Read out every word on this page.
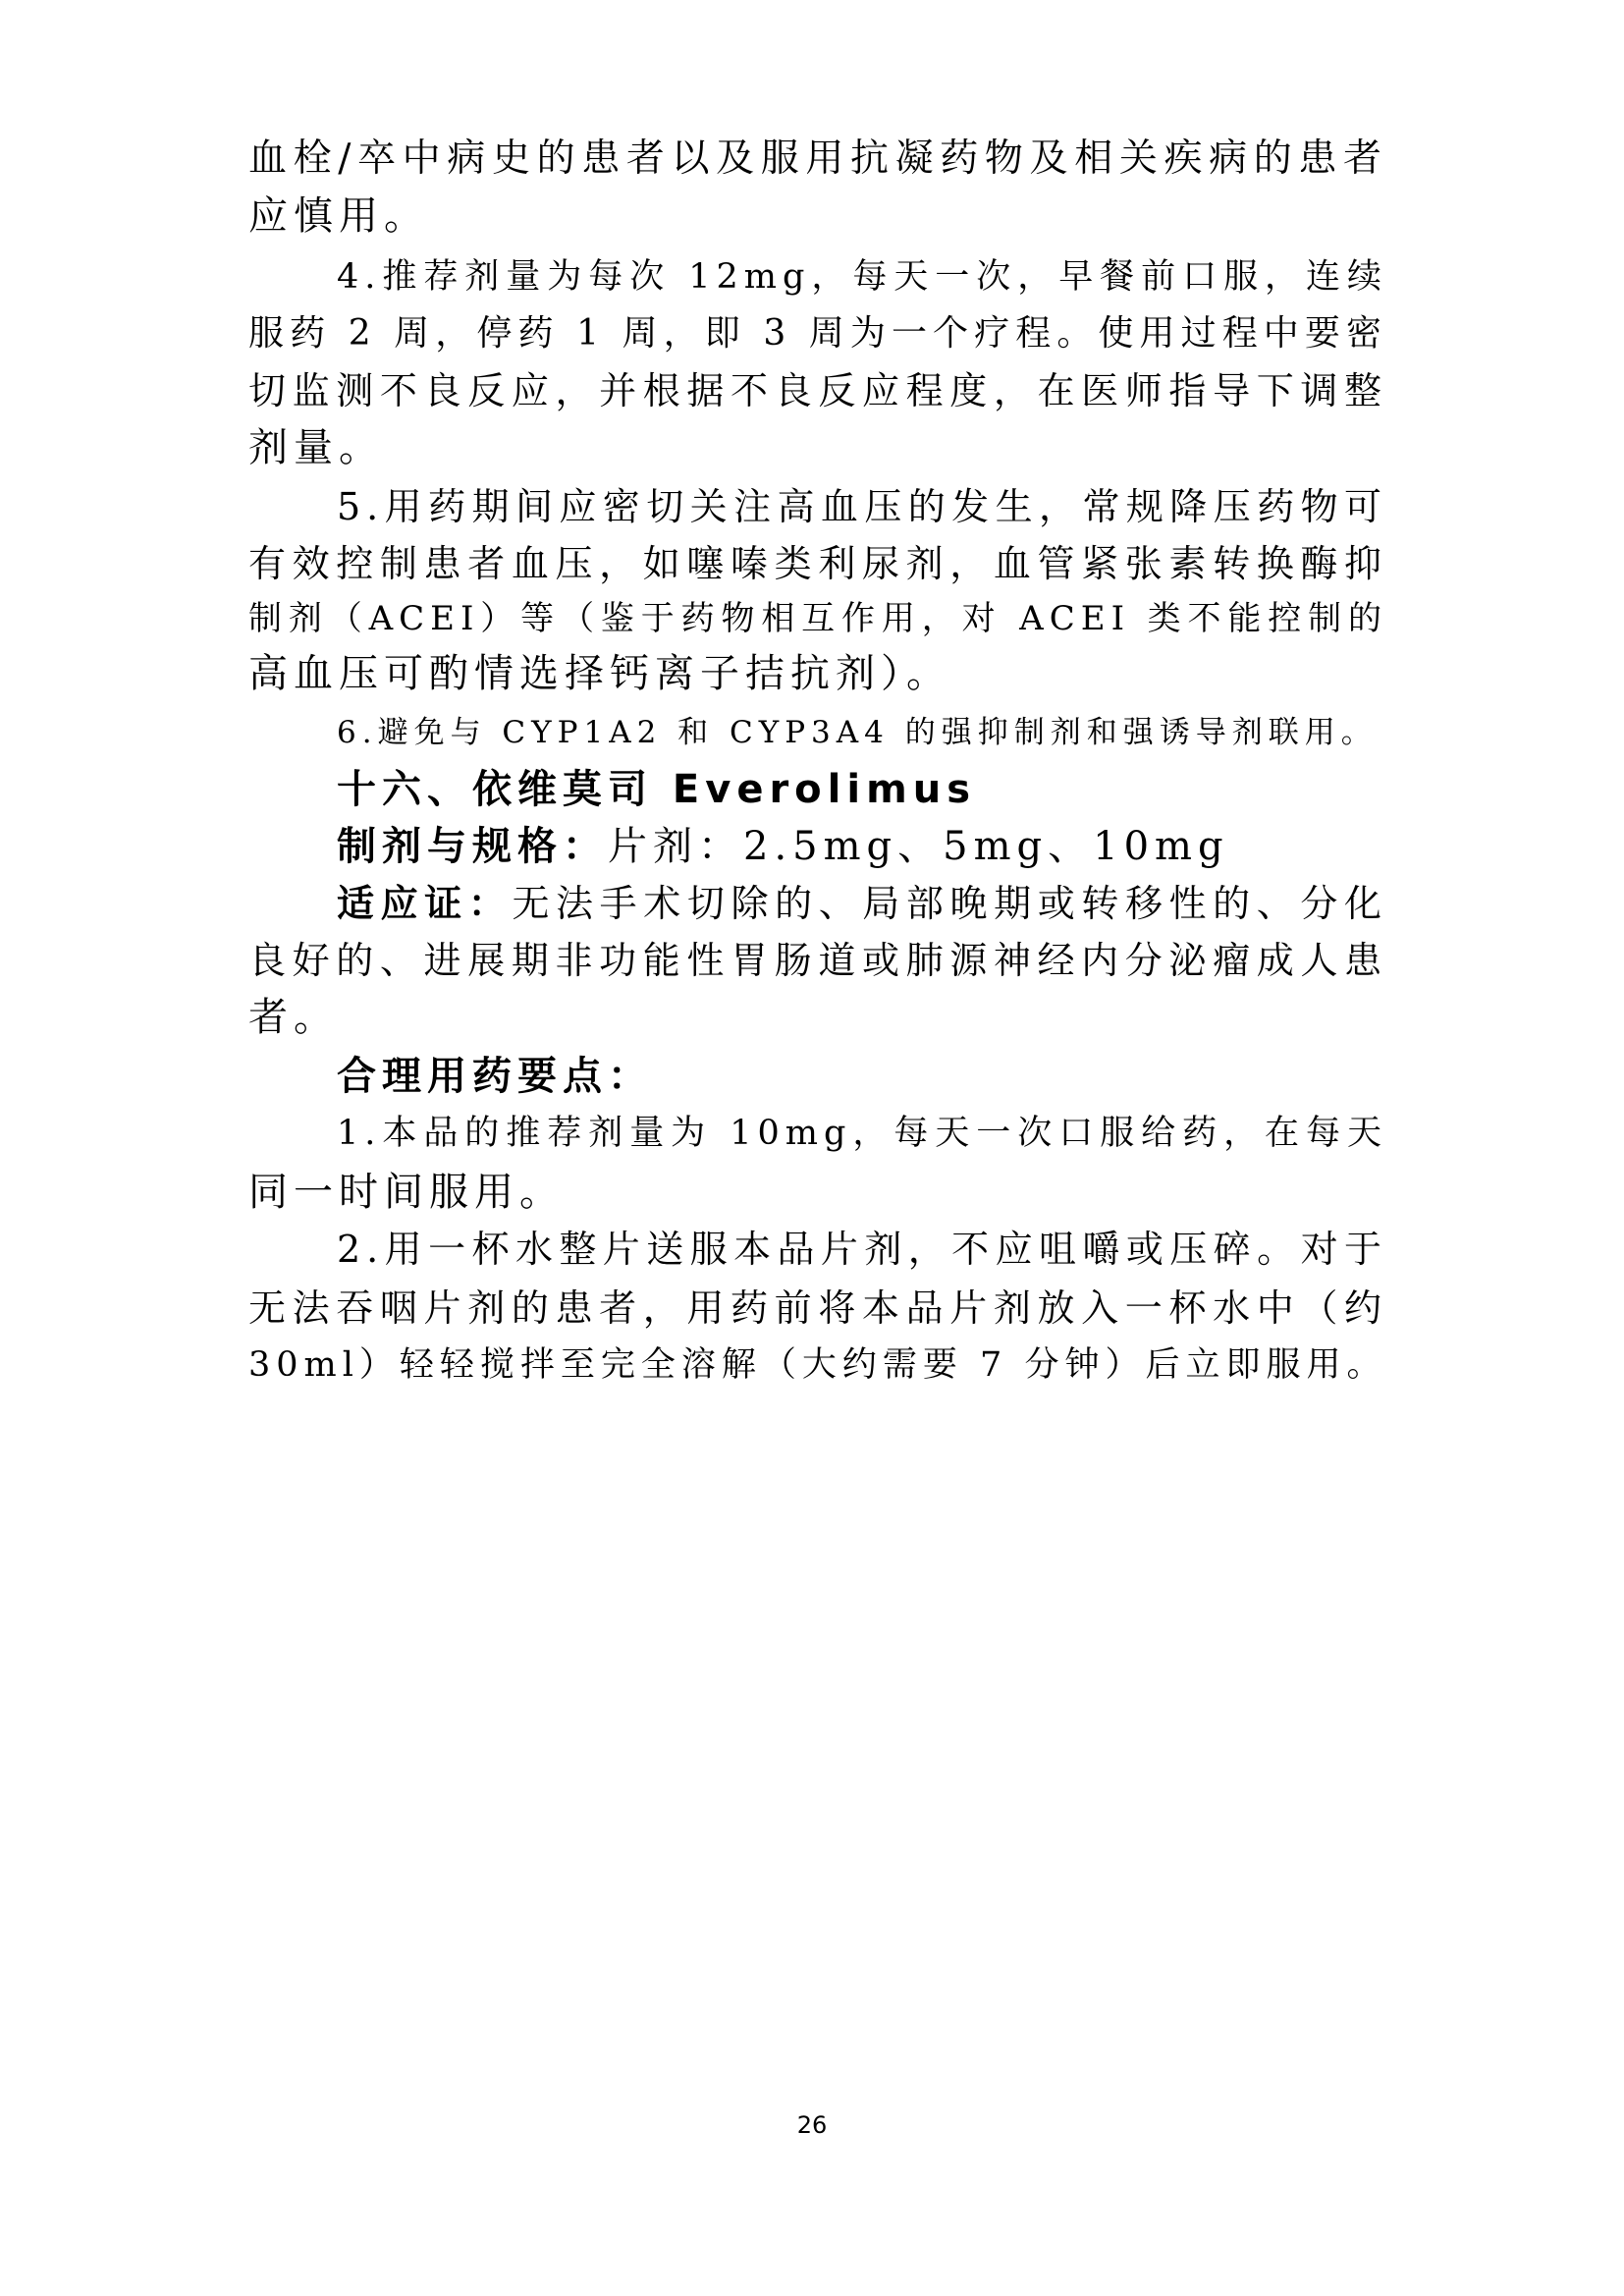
血栓/卒中病史的患者以及服用抗凝药物及相关疾病的患者
应慎用。
4.推荐剂量为每次 12mg，每天一次，早餐前口服，连续
服药 2 周，停药 1 周，即 3 周为一个疗程。使用过程中要密
切监测不良反应，并根据不良反应程度，在医师指导下调整
剂量。
5.用药期间应密切关注高血压的发生，常规降压药物可
有效控制患者血压，如噻嗪类利尿剂，血管紧张素转换酶抑
制剂（ACEI）等（鉴于药物相互作用，对 ACEI 类不能控制的
高血压可酌情选择钙离子拮抗剂）。
6.避免与 CYP1A2 和 CYP3A4 的强抑制剂和强诱导剂联用。
十六、依维莫司 Everolimus
制剂与规格：片剂：2.5mg、5mg、10mg
适应证：无法手术切除的、局部晚期或转移性的、分化
良好的、进展期非功能性胃肠道或肺源神经内分泌瘤成人患
者。
合理用药要点：
1.本品的推荐剂量为 10mg，每天一次口服给药，在每天
同一时间服用。
2.用一杯水整片送服本品片剂，不应咀嚼或压碎。对于
无法吞咽片剂的患者，用药前将本品片剂放入一杯水中（约
30ml）轻轻搅拌至完全溶解（大约需要 7 分钟）后立即服用。
26
